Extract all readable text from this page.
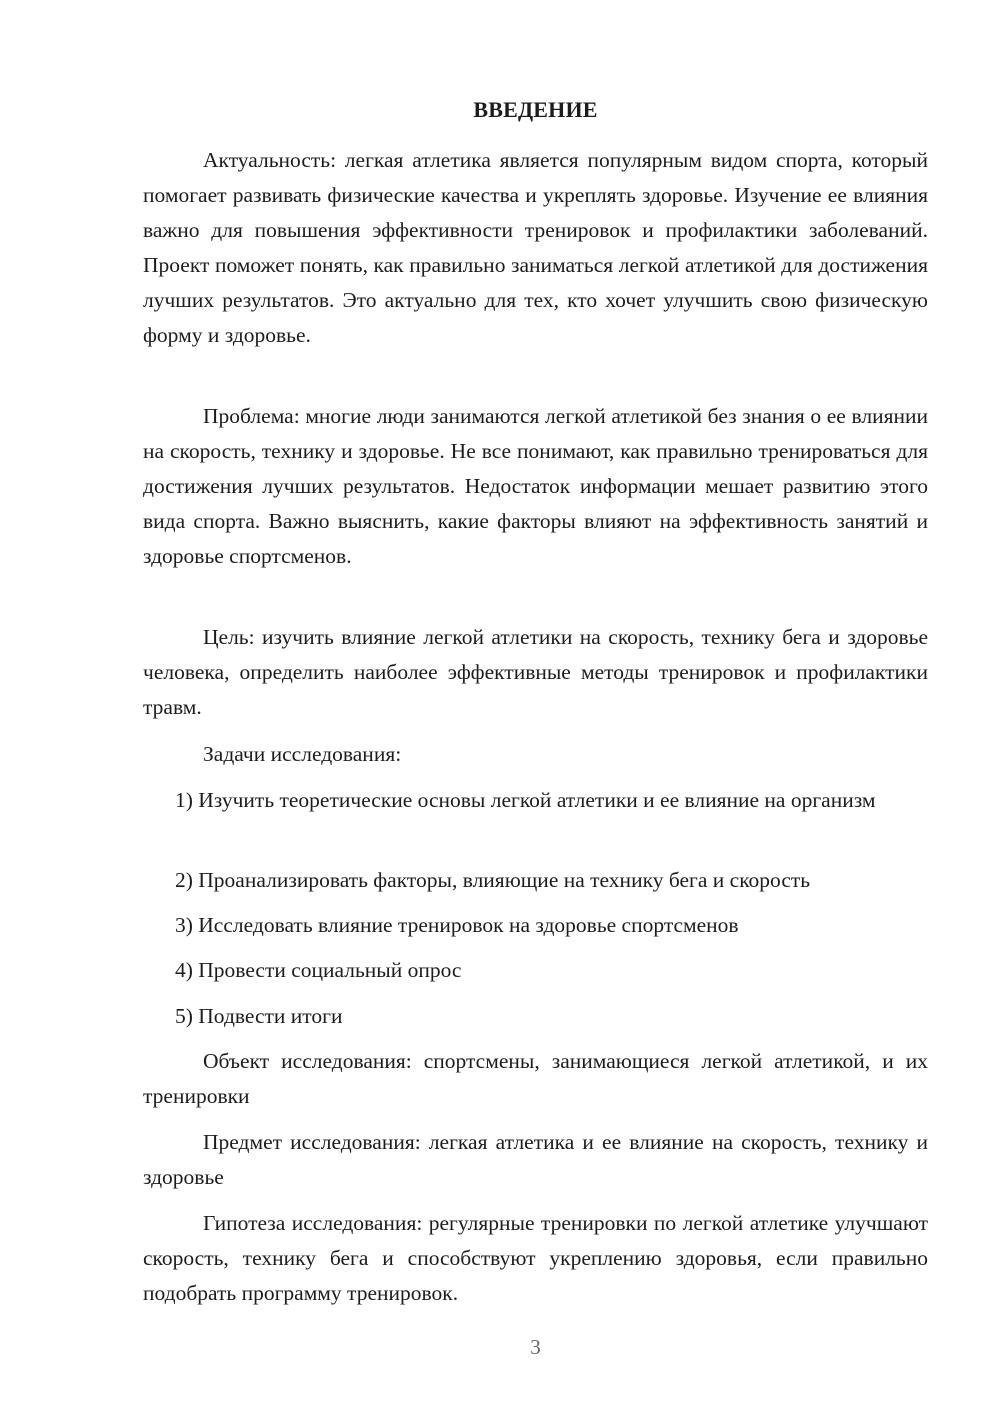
ВВЕДЕНИЕ

Актуальность: легкая атлетика является популярным видом спорта, который помогает развивать физические качества и укреплять здоровье. Изучение ее влияния важно для повышения эффективности тренировок и профилактики заболеваний. Проект поможет понять, как правильно заниматься легкой атлетикой для достижения лучших результатов. Это актуально для тех, кто хочет улучшить свою физическую форму и здоровье.

Проблема: многие люди занимаются легкой атлетикой без знания о ее влиянии на скорость, технику и здоровье. Не все понимают, как правильно тренироваться для достижения лучших результатов. Недостаток информации мешает развитию этого вида спорта. Важно выяснить, какие факторы влияют на эффективность занятий и здоровье спортсменов.

Цель: изучить влияние легкой атлетики на скорость, технику бега и здоровье человека, определить наиболее эффективные методы тренировок и профилактики травм.

Задачи исследования:

1) Изучить теоретические основы легкой атлетики и ее влияние на организм

2) Проанализировать факторы, влияющие на технику бега и скорость

3) Исследовать влияние тренировок на здоровье спортсменов

4) Провести социальный опрос

5) Подвести итоги

Объект исследования: спортсмены, занимающиеся легкой атлетикой, и их тренировки

Предмет исследования: легкая атлетика и ее влияние на скорость, технику и здоровье

Гипотеза исследования: регулярные тренировки по легкой атлетике улучшают скорость, технику бега и способствуют укреплению здоровья, если правильно подобрать программу тренировок.

3
